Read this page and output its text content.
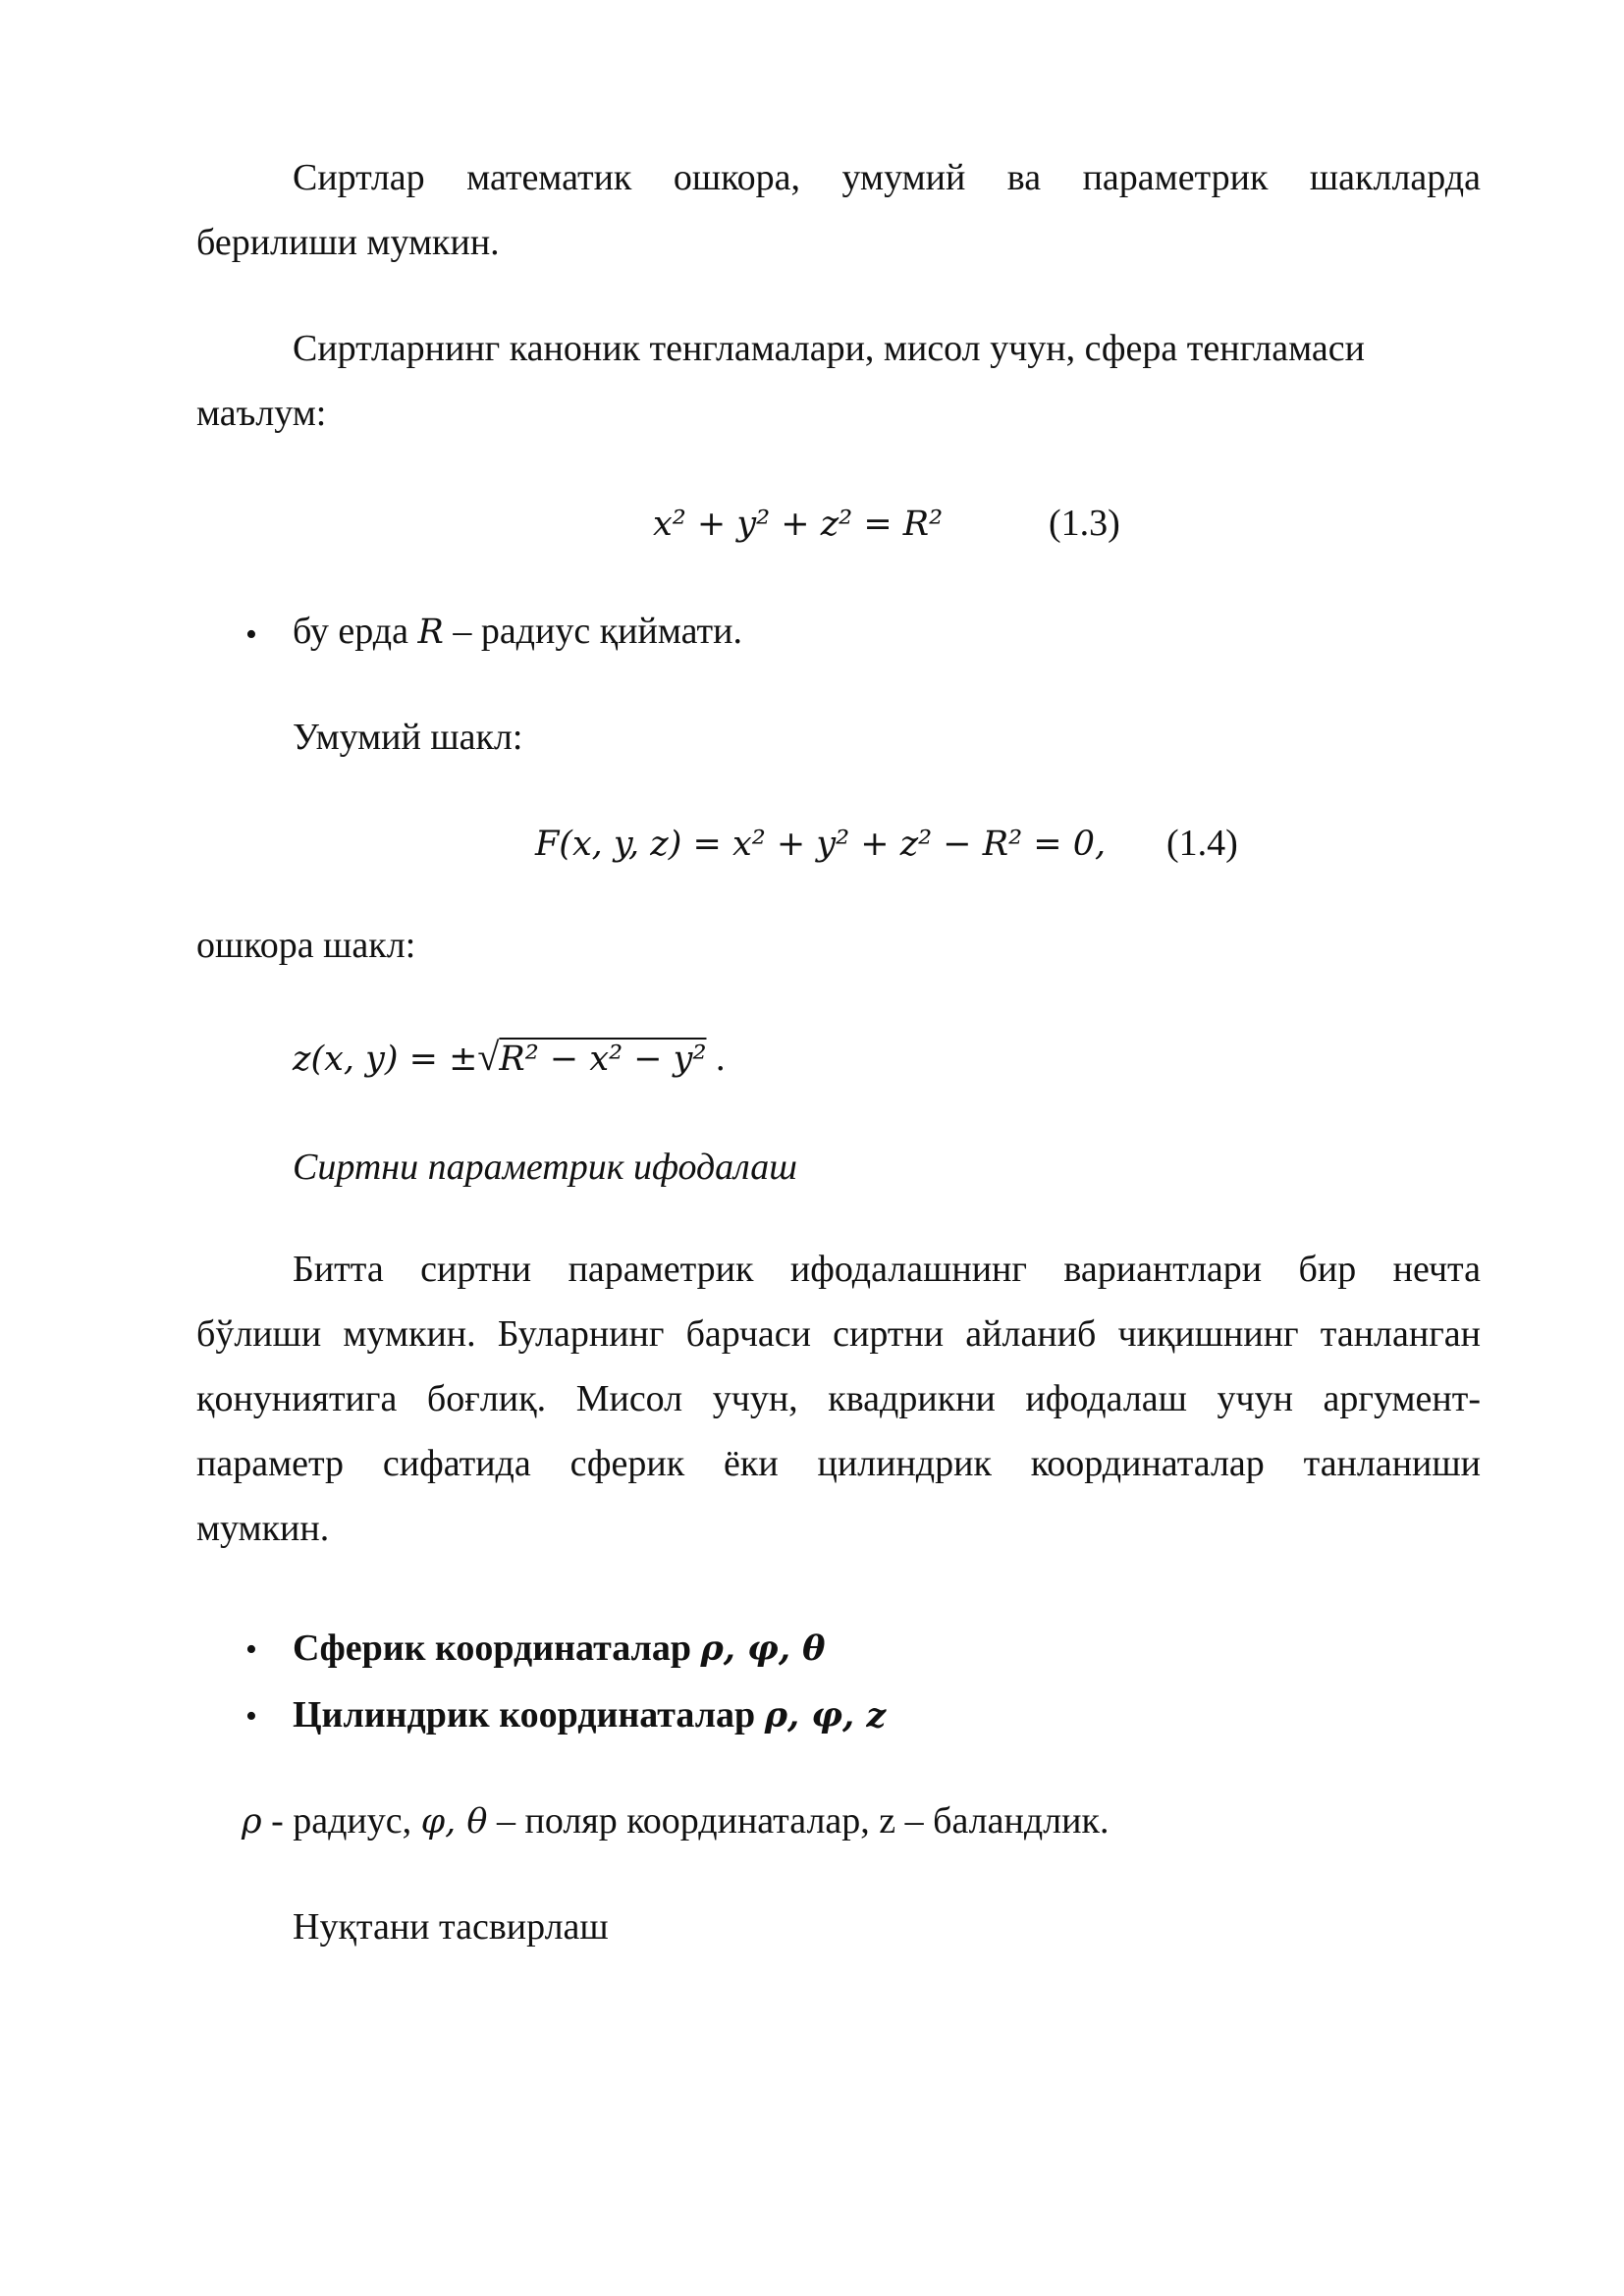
Сиртлар математик ошкора, умумий ва параметрик шаклларда
берилиши мумкин.
Сиртларнинг каноник тенгламалари, мисол учун, сфера тенгламаси
маълум:
x² + y² + z² = R²	(1.3)
• бу ерда R – радиус қиймати.
Умумий шакл:
F(x, y, z) = x² + y² + z² − R² = 0, (1.4)
ошкора шакл:
z(x, y) = ±√R² − x² − y² .
Сиртни параметрик ифодалаш
Битта сиртни параметрик ифодалашнинг вариантлари бир нечта
бўлиши мумкин. Буларнинг барчаси сиртни айланиб чиқишнинг танланган
қонуниятига боғлиқ. Мисол учун, квадрикни ифодалаш учун аргумент-
параметр сифатида сферик ёки цилиндрик координаталар танланиши
мумкин.
• Сферик координаталар ρ, φ, θ
• Цилиндрик координаталар ρ, φ, z
ρ - радиус, φ, θ – поляр координаталар, z – баландлик.
Нуқтани тасвирлаш
